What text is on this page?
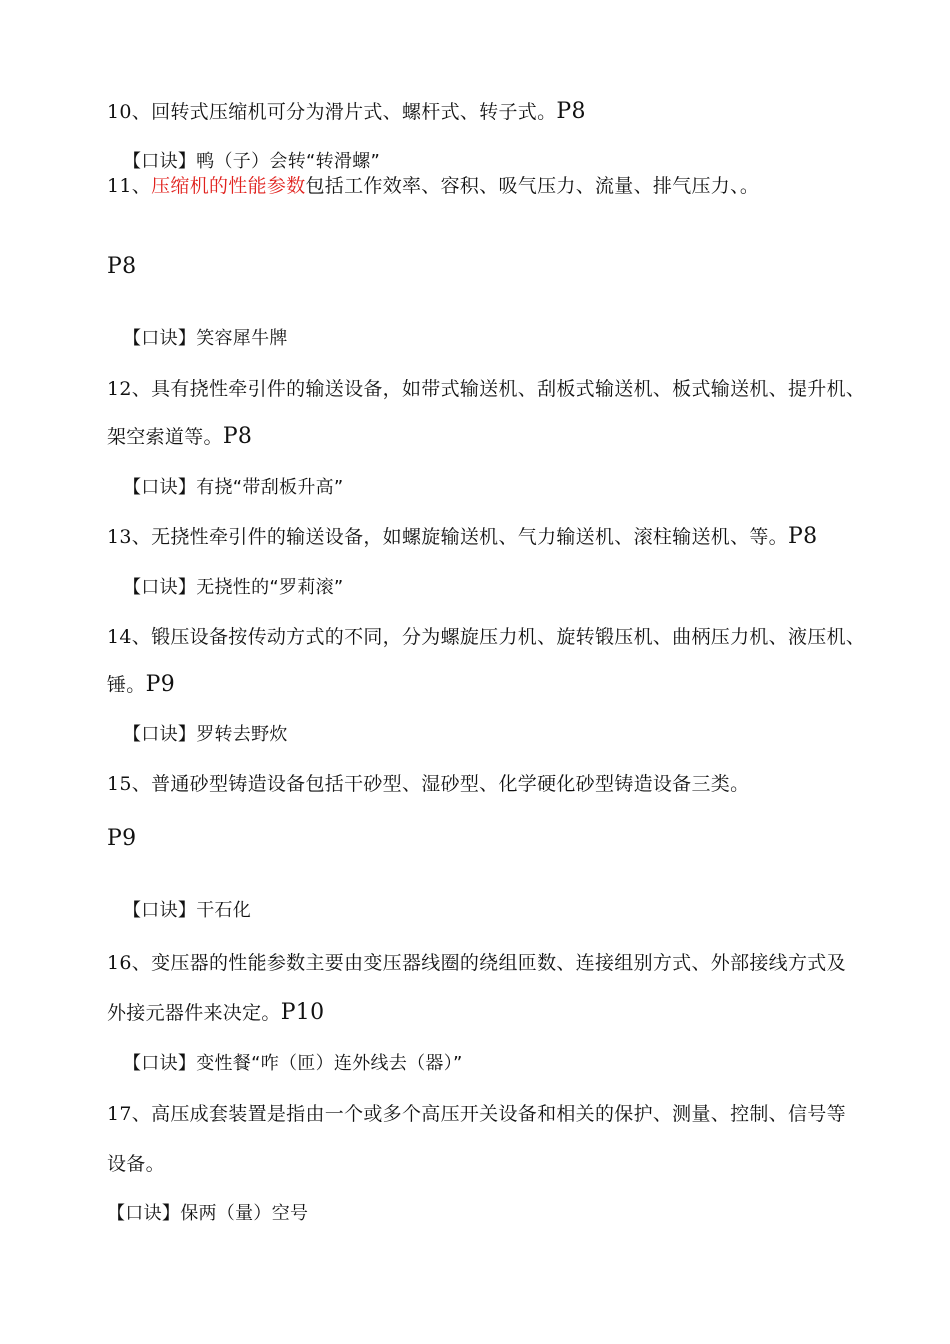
10、回转式压缩机可分为滑片式、螺杆式、转子式。P8
【口诀】鸭（子）会转“转滑螺”
11、压缩机的性能参数包括工作效率、容积、吸气压力、流量、排气压力、。
P8
【口诀】笑容犀牛牌
12、具有挠性牵引件的输送设备，如带式输送机、刮板式输送机、板式输送机、提升机、
架空索道等。P8
【口诀】有挠“带刮板升高”
13、无挠性牵引件的输送设备，如螺旋输送机、气力输送机、滚柱输送机、等。P8
【口诀】无挠性的“罗莉滚”
14、锻压设备按传动方式的不同，分为螺旋压力机、旋转锻压机、曲柄压力机、液压机、
锤。P9
【口诀】罗转去野炊
15、普通砂型铸造设备包括干砂型、湿砂型、化学硬化砂型铸造设备三类。
P9
【口诀】干石化
16、变压器的性能参数主要由变压器线圈的绕组匝数、连接组别方式、外部接线方式及
外接元器件来决定。P10
【口诀】变性餐“咋（匝）连外线去（器）”
17、高压成套装置是指由一个或多个高压开关设备和相关的保护、测量、控制、信号等
设备。
【口诀】保两（量）空号
